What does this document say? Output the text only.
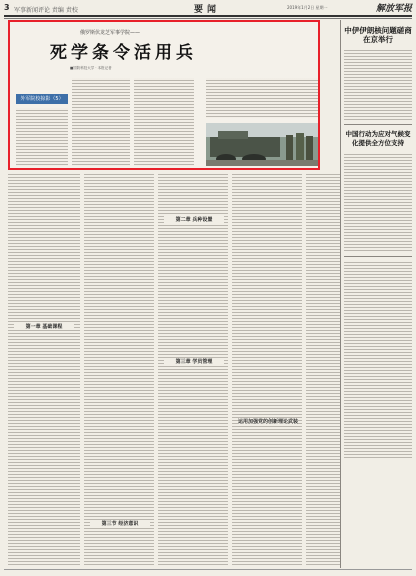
3 军事新闻评论 责编 责校	要闻	2019年1月2日 星期一	解放军报
俄罗斯伏龙芝军事学院——
死学条令活用兵
■国防科技大学 · 本报记者
外军院校掠影（5）
第一章 基础课程
第二章 兵种设置
第三章 学员管理
第三节 经济意识
运用加强党的创新理论武装
中伊伊朗核问题磋商在京举行
中国行动为应对气候变化提供全方位支持
